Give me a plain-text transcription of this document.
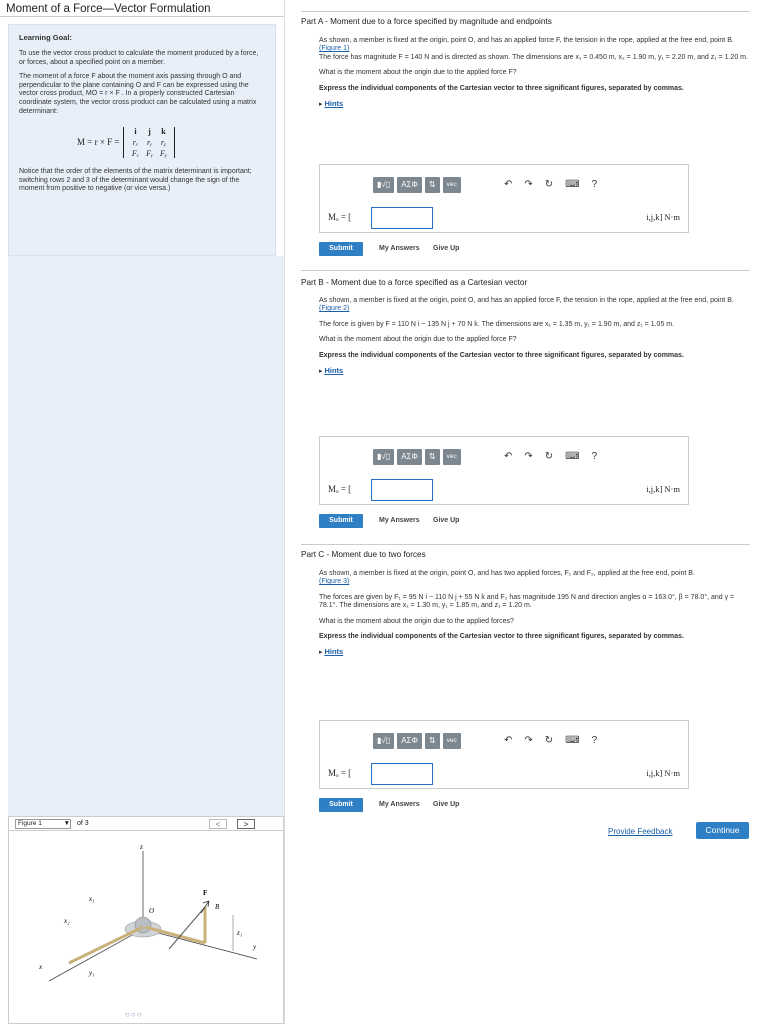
Moment of a Force—Vector Formulation
Learning Goal:

To use the vector cross product to calculate the moment produced by a force, or forces, about a specified point on a member.

The moment of a force F about the moment axis passing through O and perpendicular to the plane containing O and F can be expressed using the vector cross product, MO = r × F . In a properly constructed Cartesian coordinate system, the vector cross product can be calculated using a matrix determinant:

M = r × F =
i	j	k
rₓ	rᵧ	rᵪ
Fₓ Fᵧ Fᵪ

Notice that the order of the elements of the matrix determinant is important; switching rows 2 and 3 of the determinant would change the sign of the moment from positive to negative (or vice versa.)

Figure 1	▼ of 3	<	>
z
x₁
x₂
O
F
B
z₁
y
y₁
x
○○○
Part A - Moment due to a force specified by magnitude and endpoints

As shown, a member is fixed at the origin, point O, and has an applied force F, the tension in the rope, applied at the free end, point B.

(Figure 1)

The force has magnitude F = 140 N and is directed as shown. The dimensions are x₁ = 0.450 m, x₂ = 1.90 m, y₁ = 2.20 m, and z₁ = 1.20 m.

What is the moment about the origin due to the applied force F?

Express the individual components of the Cartesian vector to three significant figures, separated by commas.

▸ Hints

▮√▯	AΣΦ	⇅	vec	↶ ↷ ↻ ⌨ ?
Mₒ = [	i,j,k] N·m
Submit	My Answers Give Up
Part B - Moment due to a force specified as a Cartesian vector

As shown, a member is fixed at the origin, point O, and has an applied force F, the tension in the rope, applied at the free end, point B.

(Figure 2)

The force is given by F = 110 N i − 135 N j + 70 N k. The dimensions are x₁ = 1.35 m, y₁ = 1.90 m, and z₁ = 1.05 m.

What is the moment about the origin due to the applied force F?

Express the individual components of the Cartesian vector to three significant figures, separated by commas.

▸ Hints

▮√▯	AΣΦ	⇅	vec	↶ ↷ ↻ ⌨ ?
Mₒ = [	i,j,k] N·m
Submit	My Answers Give Up
Part C - Moment due to two forces

As shown, a member is fixed at the origin, point O, and has two applied forces, F₁ and F₂, applied at the free end, point B.

(Figure 3)

The forces are given by F₁ = 95 N i − 110 N j + 55 N k and F₂ has magnitude 195 N and direction angles α = 163.0°, β = 78.0°, and γ = 78.1°. The dimensions are x₁ = 1.30 m, y₁ = 1.85 m, and z₁ = 1.20 m.

What is the moment about the origin due to the applied forces?

Express the individual components of the Cartesian vector to three significant figures, separated by commas.

▸ Hints

▮√▯	AΣΦ	⇅	vec	↶ ↷ ↻ ⌨ ?
Mₒ = [	i,j,k] N·m
Submit	My Answers Give Up
Provide Feedback	Continue
